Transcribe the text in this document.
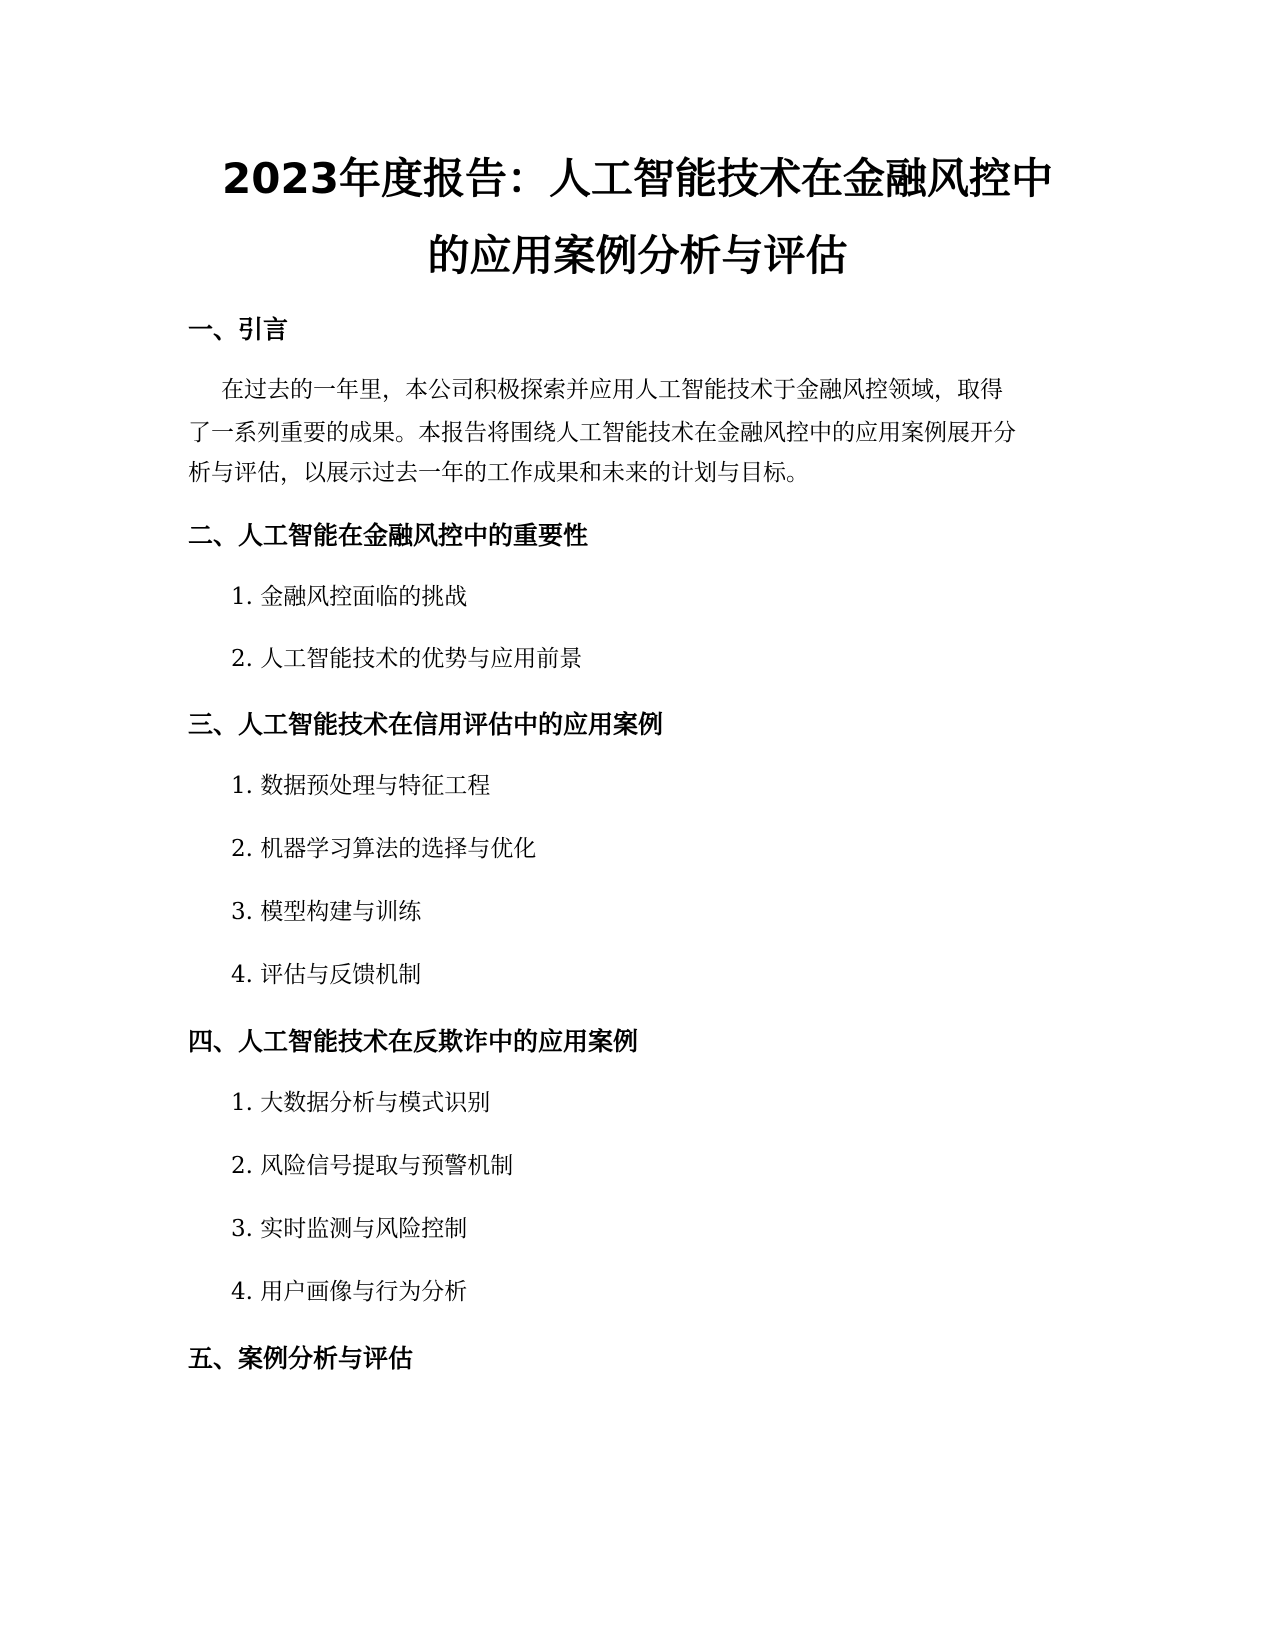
2023年度报告：人工智能技术在金融风控中
的应用案例分析与评估
一、引言

在过去的一年里，本公司积极探索并应用人工智能技术于金融风控领域，取得

了一系列重要的成果。本报告将围绕人工智能技术在金融风控中的应用案例展开分

析与评估，以展示过去一年的工作成果和未来的计划与目标。

二、人工智能在金融风控中的重要性

1. 金融风控面临的挑战

2. 人工智能技术的优势与应用前景

三、人工智能技术在信用评估中的应用案例

1. 数据预处理与特征工程

2. 机器学习算法的选择与优化

3. 模型构建与训练

4. 评估与反馈机制

四、人工智能技术在反欺诈中的应用案例

1. 大数据分析与模式识别

2. 风险信号提取与预警机制

3. 实时监测与风险控制

4. 用户画像与行为分析

五、案例分析与评估
